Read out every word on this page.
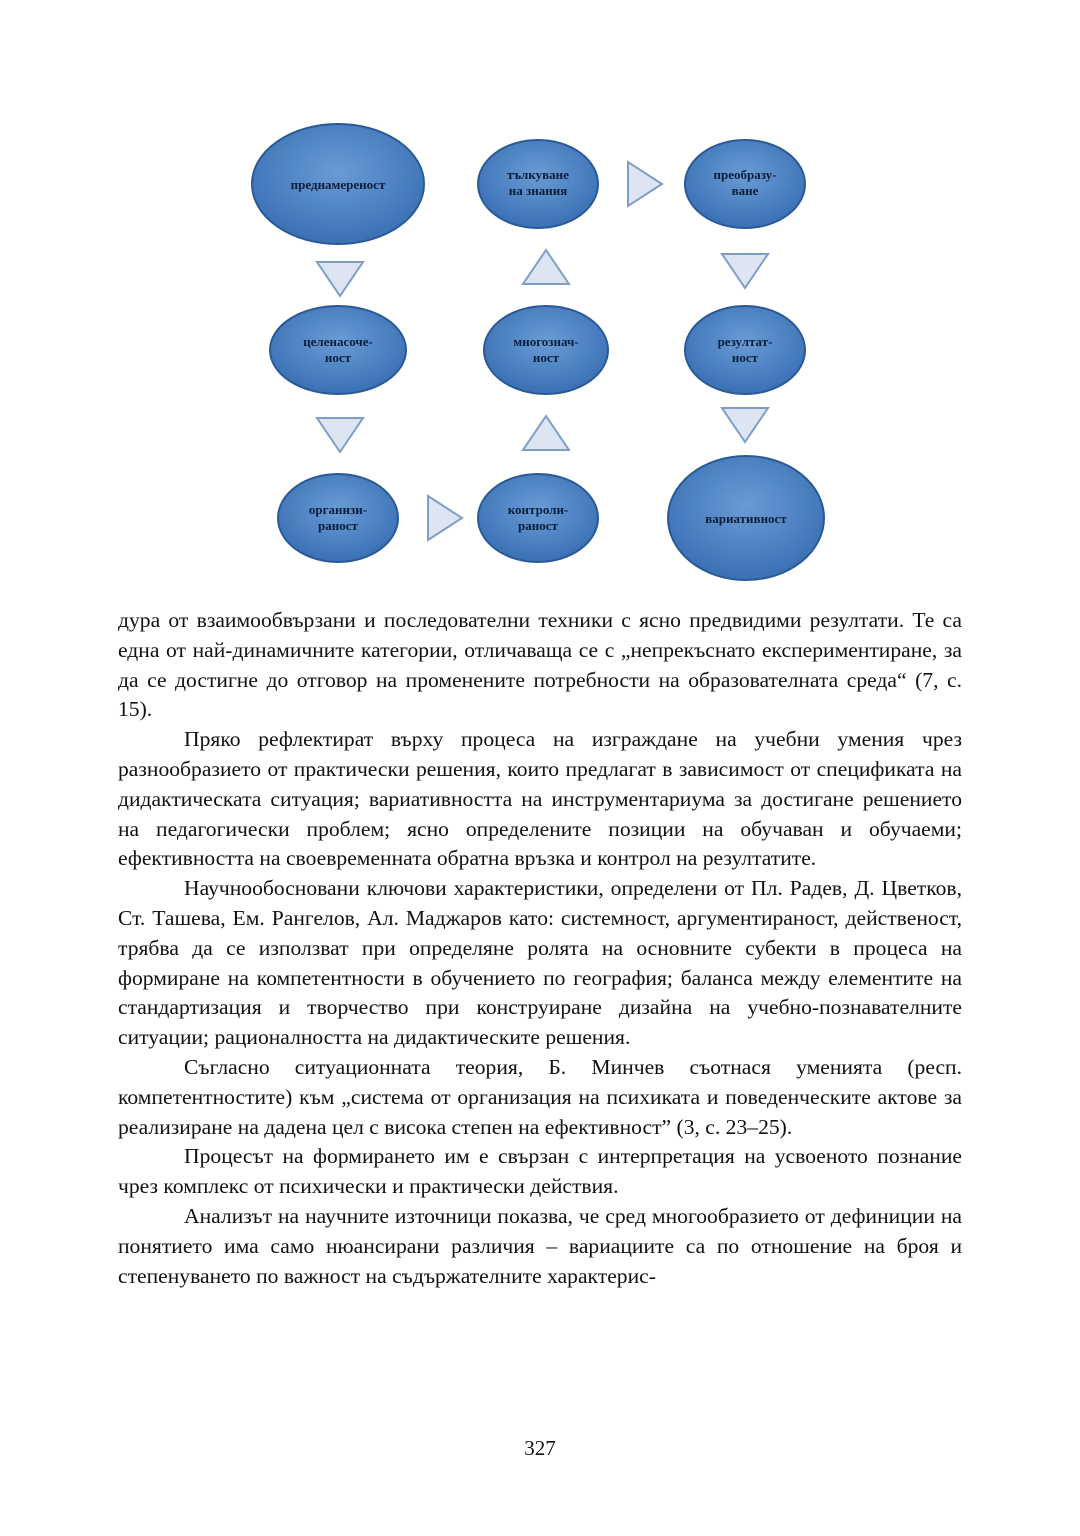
преднамереност
тълкуване
на знания
преобразу-
ване
целенасоче-
ност
многознач-
ност
резултат-
ност
организи-
раност
контроли-
раност	вариативност

дура от взаимообвързани и последователни техники с ясно предвидими резултати. Те са една от най-динамичните категории, отличаваща се с „непрекъснато експериментиране, за да се достигне до отговор на променените потребности на образователната среда“ (7, с. 15).

Пряко рефлектират върху процеса на изграждане на учебни умения чрез разнообразието от практически решения, които предлагат в зависимост от спецификата на дидактическата ситуация; вариативността на инструментариума за достигане решението на педагогически проблем; ясно определените позиции на обучаван и обучаеми; ефективността на своевременната обратна връзка и контрол на резултатите.

Научнообосновани ключови характеристики, определени от Пл. Радев, Д. Цветков, Ст. Ташева, Ем. Рангелов, Ал. Маджаров като: системност, аргументираност, действеност, трябва да се използват при определяне ролята на основните субекти в процеса на формиране на компетентности в обучението по география; баланса между елементите на стандартизация и творчество при конструиране дизайна на учебно-познавателните ситуации; рационалността на дидактическите решения.

Съгласно ситуационната теория, Б. Минчев съотнася уменията (респ. компетентностите) към „система от организация на психиката и поведенческите актове за реализиране на дадена цел с висока степен на ефективност” (3, с. 23–25).

Процесът на формирането им е свързан с интерпретация на усвоеното познание чрез комплекс от психически и практически действия.

Анализът на научните източници показва, че сред многообразието от дефиниции на понятието има само нюансирани различия – вариациите са по отношение на броя и степенуването по важност на съдържателните характерис-

327
